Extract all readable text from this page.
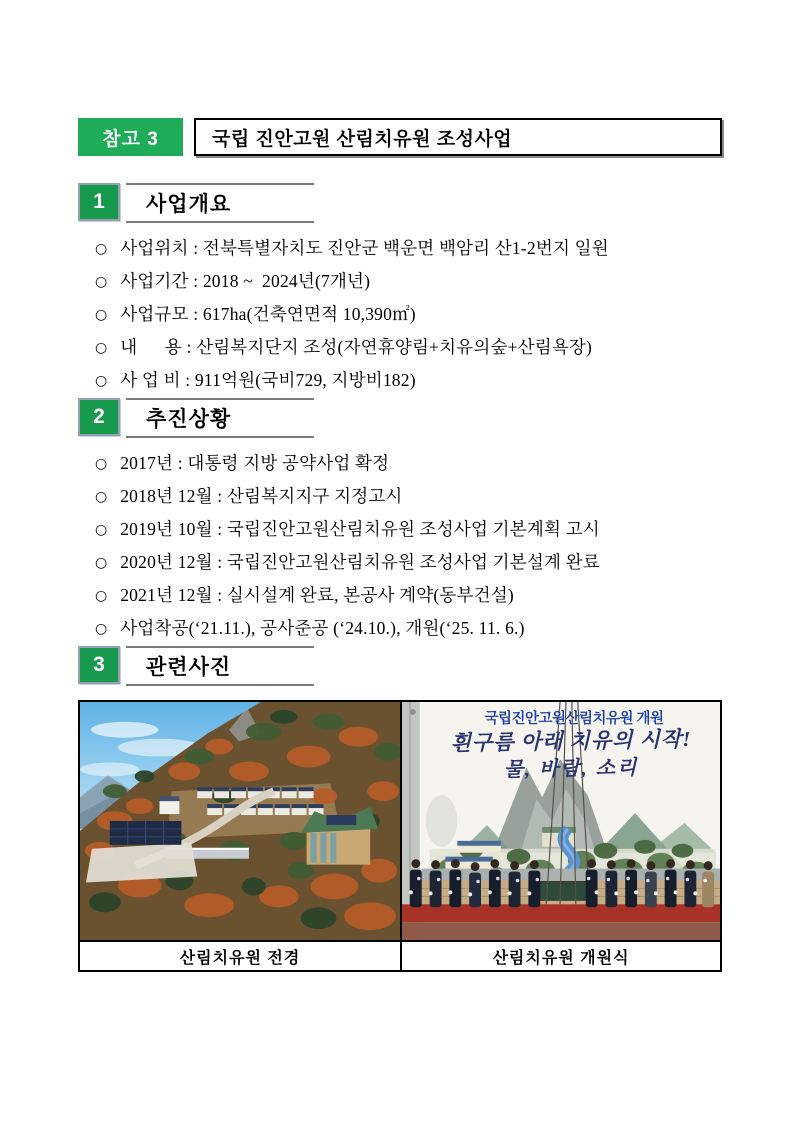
참고 3	국립 진안고원 산림치유원 조성사업
1	사업개요
○ 사업위치 : 전북특별자치도 진안군 백운면 백암리 산1-2번지 일원
○ 사업기간 : 2018 ~  2024년(7개년)
○ 사업규모 : 617ha(건축연면적 10,390㎡)
○ 내      용 : 산림복지단지 조성(자연휴양림+치유의숲+산림욕장)
○ 사 업 비 : 911억원(국비729, 지방비182)
2	추진상황
○ 2017년 : 대통령 지방 공약사업 확정
○ 2018년 12월 : 산림복지지구 지정고시
○ 2019년 10월 : 국립진안고원산림치유원 조성사업 기본계획 고시
○ 2020년 12월 : 국립진안고원산림치유원 조성사업 기본설계 완료
○ 2021년 12월 : 실시설계 완료, 본공사 계약(동부건설)
○ 사업착공(‘21.11.), 공사준공 (‘24.10.), 개원(‘25. 11. 6.)
3	관련사진
국립진안고원산림치유원 개원
흰구름 아래 치유의 시작!
물, 바람, 소리
산림치유원 전경	산림치유원 개원식
